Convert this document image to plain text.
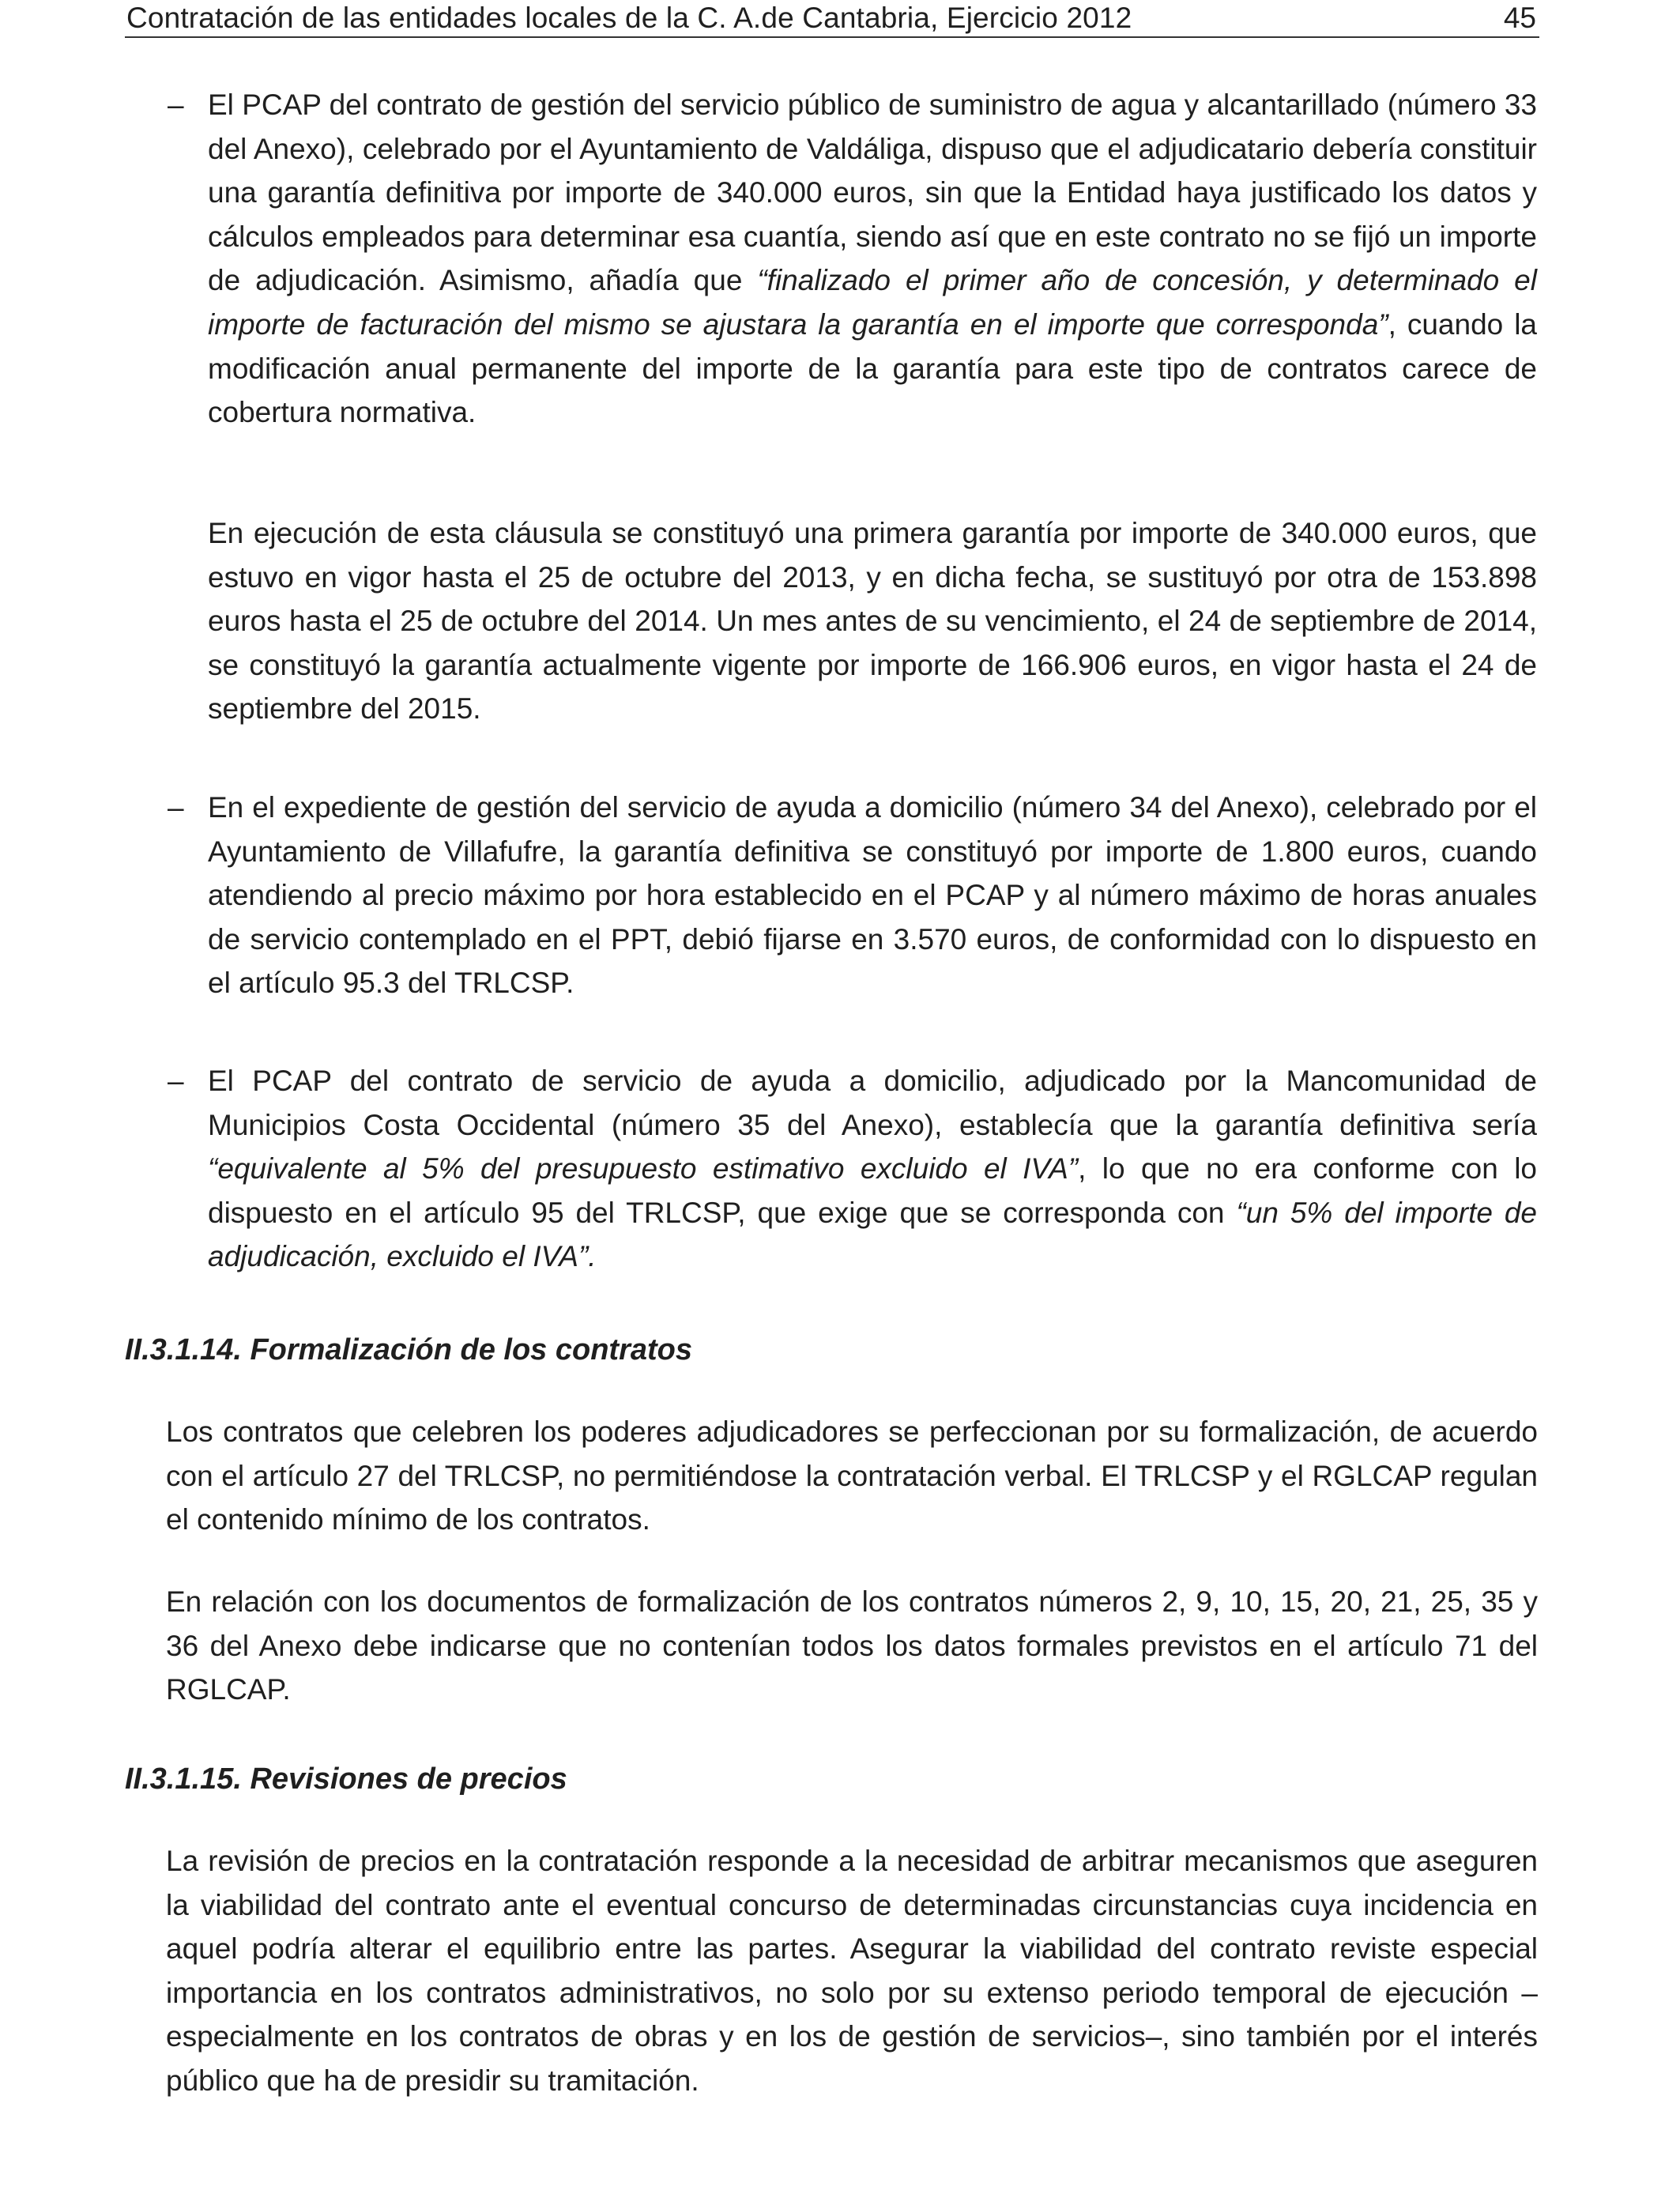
Contratación de las entidades locales de la C. A.de Cantabria, Ejercicio 2012	45
– El PCAP del contrato de gestión del servicio público de suministro de agua y alcantarillado (número 33 del Anexo), celebrado por el Ayuntamiento de Valdáliga, dispuso que el adjudicatario debería constituir una garantía definitiva por importe de 340.000 euros, sin que la Entidad haya justificado los datos y cálculos empleados para determinar esa cuantía, siendo así que en este contrato no se fijó un importe de adjudicación. Asimismo, añadía que “finalizado el primer año de concesión, y determinado el importe de facturación del mismo se ajustara la garantía en el importe que corresponda”, cuando la modificación anual permanente del importe de la garantía para este tipo de contratos carece de cobertura normativa.

En ejecución de esta cláusula se constituyó una primera garantía por importe de 340.000 euros, que estuvo en vigor hasta el 25 de octubre del 2013, y en dicha fecha, se sustituyó por otra de 153.898 euros hasta el 25 de octubre del 2014. Un mes antes de su vencimiento, el 24 de septiembre de 2014, se constituyó la garantía actualmente vigente por importe de 166.906 euros, en vigor hasta el 24 de septiembre del 2015.

– En el expediente de gestión del servicio de ayuda a domicilio (número 34 del Anexo), celebrado por el Ayuntamiento de Villafufre, la garantía definitiva se constituyó por importe de 1.800 euros, cuando atendiendo al precio máximo por hora establecido en el PCAP y al número máximo de horas anuales de servicio contemplado en el PPT, debió fijarse en 3.570 euros, de conformidad con lo dispuesto en el artículo 95.3 del TRLCSP.

– El PCAP del contrato de servicio de ayuda a domicilio, adjudicado por la Mancomunidad de Municipios Costa Occidental (número 35 del Anexo), establecía que la garantía definitiva sería “equivalente al 5% del presupuesto estimativo excluido el IVA”, lo que no era conforme con lo dispuesto en el artículo 95 del TRLCSP, que exige que se corresponda con “un 5% del importe de adjudicación, excluido el IVA”.

II.3.1.14. Formalización de los contratos

Los contratos que celebren los poderes adjudicadores se perfeccionan por su formalización, de acuerdo con el artículo 27 del TRLCSP, no permitiéndose la contratación verbal. El TRLCSP y el RGLCAP regulan el contenido mínimo de los contratos.

En relación con los documentos de formalización de los contratos números 2, 9, 10, 15, 20, 21, 25, 35 y 36 del Anexo debe indicarse que no contenían todos los datos formales previstos en el artículo 71 del RGLCAP.

II.3.1.15. Revisiones de precios

La revisión de precios en la contratación responde a la necesidad de arbitrar mecanismos que aseguren la viabilidad del contrato ante el eventual concurso de determinadas circunstancias cuya incidencia en aquel podría alterar el equilibrio entre las partes. Asegurar la viabilidad del contrato reviste especial importancia en los contratos administrativos, no solo por su extenso periodo temporal de ejecución –especialmente en los contratos de obras y en los de gestión de servicios–, sino también por el interés público que ha de presidir su tramitación.
